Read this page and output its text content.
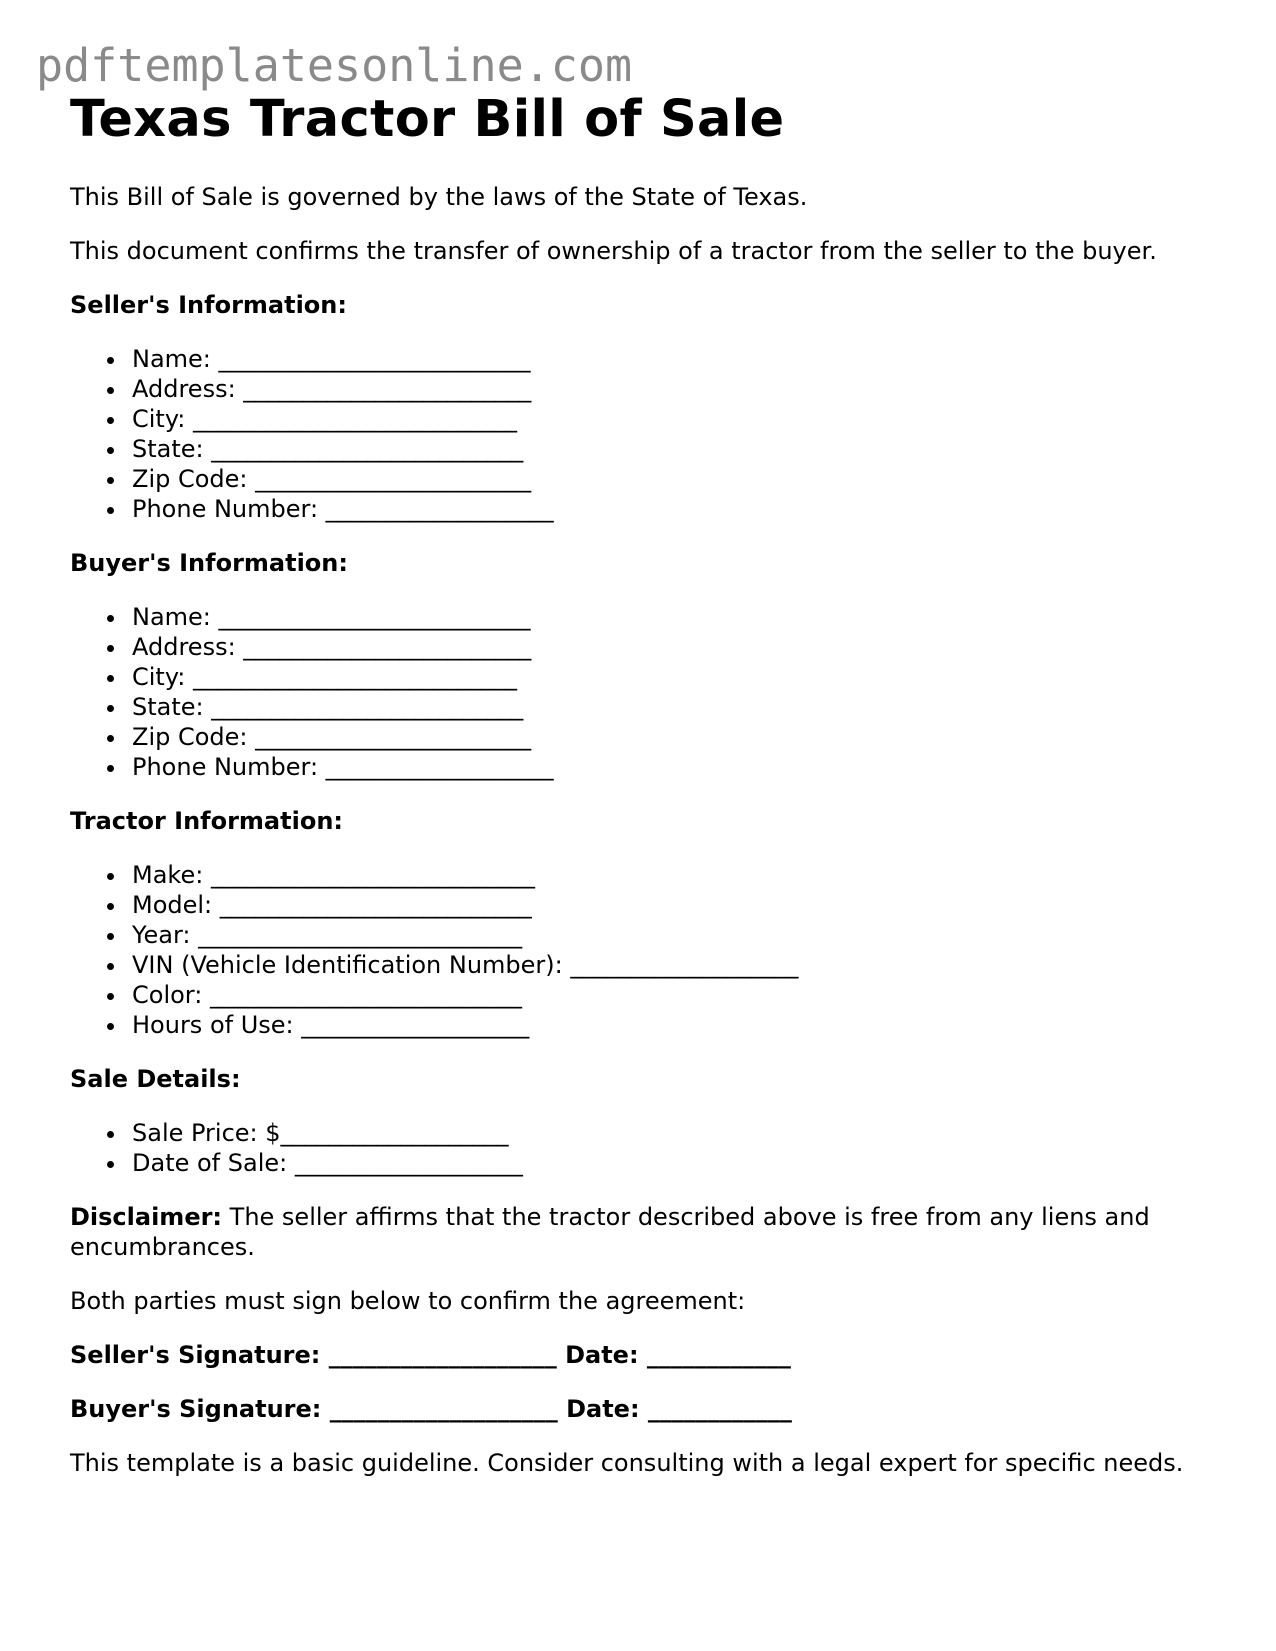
pdftemplatesonline.com
Texas Tractor Bill of Sale

This Bill of Sale is governed by the laws of the State of Texas.

This document confirms the transfer of ownership of a tractor from the seller to the buyer.

Seller's Information:

Name: __________________________
Address: ________________________
City: ___________________________
State: __________________________
Zip Code: _______________________
Phone Number: ___________________

Buyer's Information:

Name: __________________________
Address: ________________________
City: ___________________________
State: __________________________
Zip Code: _______________________
Phone Number: ___________________

Tractor Information:

Make: ___________________________
Model: __________________________
Year: ___________________________
VIN (Vehicle Identification Number): ___________________
Color: __________________________
Hours of Use: ___________________

Sale Details:

Sale Price: $___________________
Date of Sale: ___________________

Disclaimer: The seller affirms that the tractor described above is free from any liens and encumbrances.

Both parties must sign below to confirm the agreement:

Seller's Signature: ___________________ Date: ____________

Buyer's Signature: ___________________ Date: ____________

This template is a basic guideline. Consider consulting with a legal expert for specific needs.
